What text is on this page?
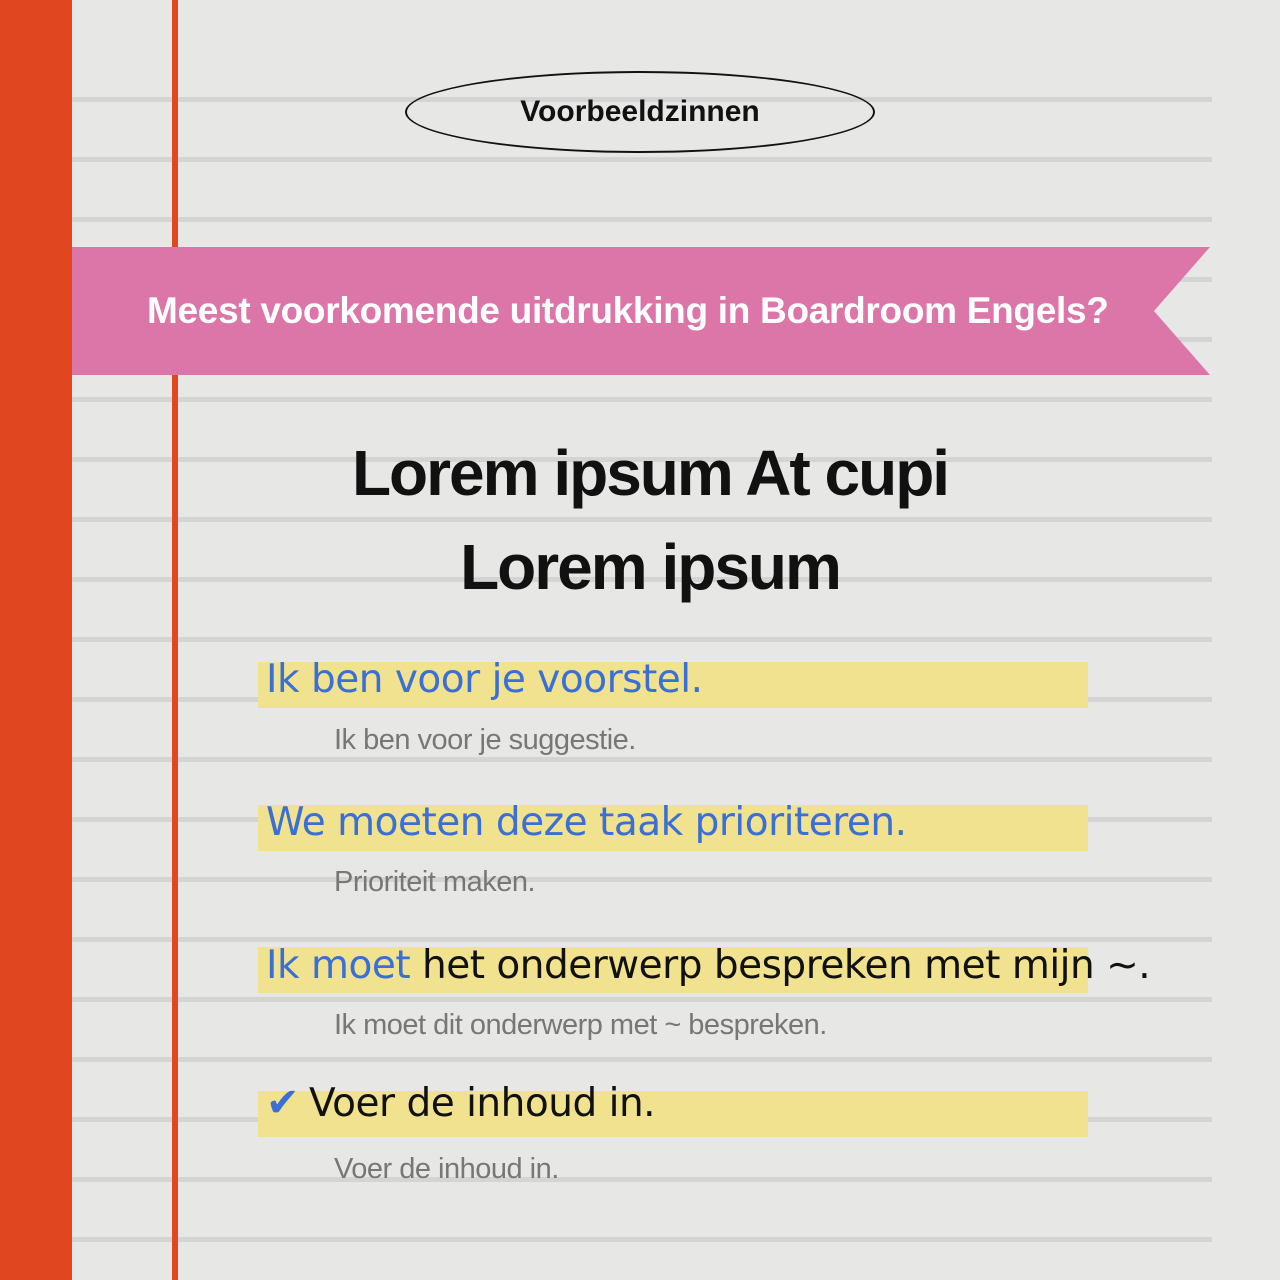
Voorbeeldzinnen
Meest voorkomende uitdrukking in Boardroom Engels?
Lorem ipsum At cupi
Lorem ipsum
Ik ben voor je voorstel.
Ik ben voor je suggestie.
We moeten deze taak prioriteren.
Prioriteit maken.
Ik moet het onderwerp bespreken met mijn ~.
Ik moet dit onderwerp met ~ bespreken.
✔ Voer de inhoud in.
Voer de inhoud in.
